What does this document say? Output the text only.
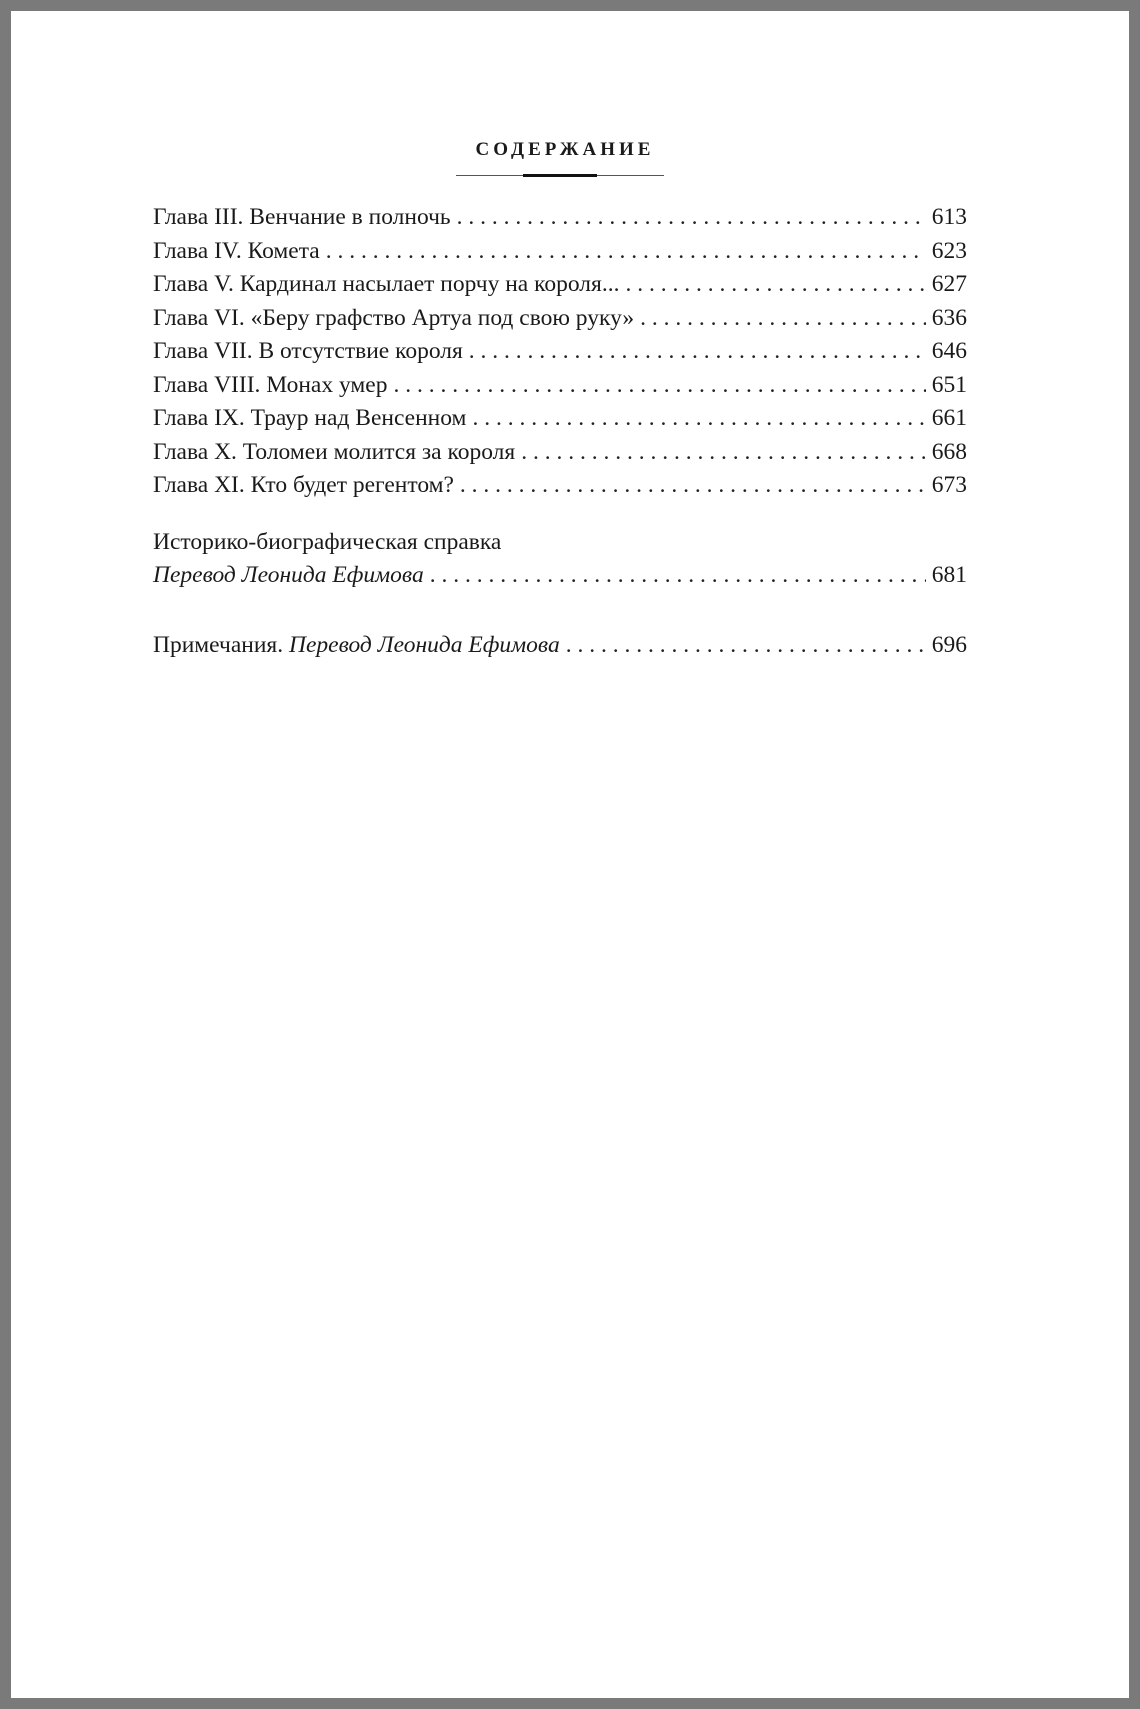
СОДЕРЖАНИЕ
Глава III. Венчание в полночь . . .	613
Глава IV. Комета . . .	623
Глава V. Кардинал насылает порчу на короля... . . .	627
Глава VI. «Беру графство Артуа под свою руку» . . .	636
Глава VII. В отсутствие короля . . .	646
Глава VIII. Монах умер . . .	651
Глава IX. Траур над Венсенном . . .	661
Глава X. Толомеи молится за короля . . .	668
Глава XI. Кто будет регентом? . . .	673
Историко-биографическая справка
Перевод Леонида Ефимова . . .	681
Примечания. Перевод Леонида Ефимова . . .	696
